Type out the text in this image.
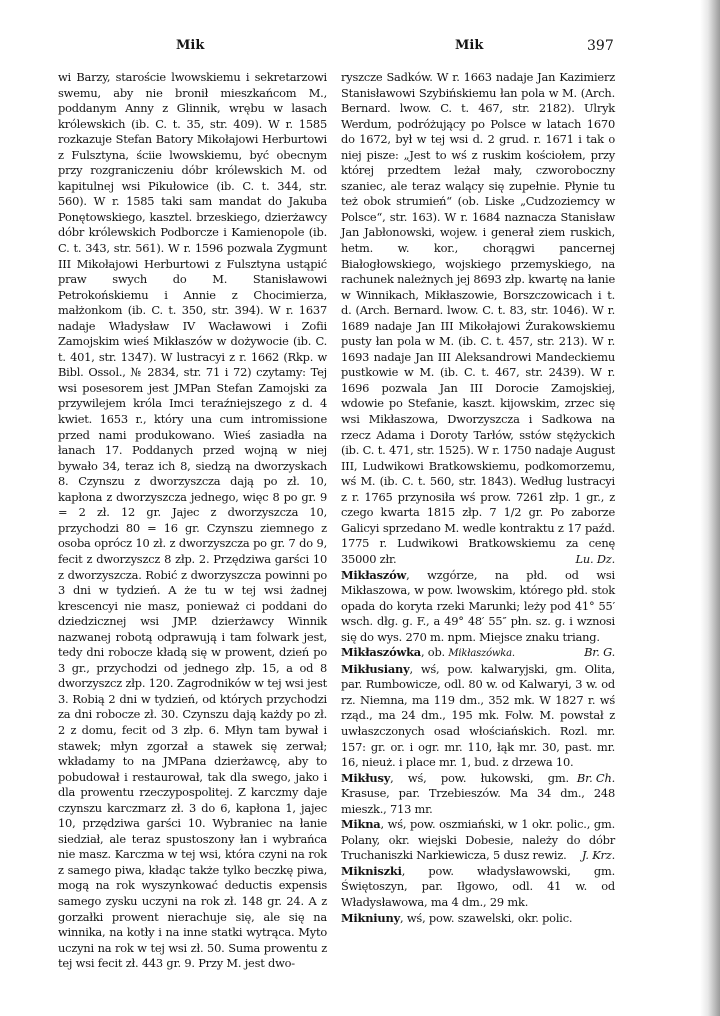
Mik	Mik	397

wi Barzy, staroście lwowskiemu i sekretarzowi swemu, aby nie bronił mieszkańcom M., poddanym Anny z Glinnik, wrębu w lasach królewskich (ib. C. t. 35, str. 409). W r. 1585 rozkazuje Stefan Batory Mikołajowi Herburtowi z Fulsztyna, ściie lwowskiemu, być obecnym przy rozgraniczeniu dóbr królewskich M. od kapitulnej wsi Pikułowice (ib. C. t. 344, str. 560). W r. 1585 taki sam mandat do Jakuba Ponętowskiego, kasztel. brzeskiego, dzierżawcy dóbr królewskich Podborcze i Kamienopole (ib. C. t. 343, str. 561). W r. 1596 pozwala Zygmunt III Mikołajowi Herburtowi z Fulsztyna ustąpić praw swych do M. Stanisławowi Petrokońskiemu i Annie z Chocimierza, małżonkom (ib. C. t. 350, str. 394). W r. 1637 nadaje Władysław IV Wacławowi i Zofii Zamojskim wieś Mikłaszów w dożywocie (ib. C. t. 401, str. 1347). W lustracyi z r. 1662 (Rkp. w Bibl. Ossol., № 2834, str. 71 i 72) czytamy: Tej wsi posesorem jest JMPan Stefan Zamojski za przywilejem króla Imci teraźniejszego z d. 4 kwiet. 1653 r., który una cum intromissione przed nami produkowano. Wieś zasiadła na łanach 17. Poddanych przed wojną w niej bywało 34, teraz ich 8, siedzą na dworzyskach 8. Czynszu z dworzyszcza dają po zł. 10, kapłona z dworzyszcza jednego, więc 8 po gr. 9 = 2 zł. 12 gr. Jajec z dworzyszcza 10, przychodzi 80 = 16 gr. Czynszu ziemnego z osoba oprócz 10 zł. z dworzyszcza po gr. 7 do 9, fecit z dworzyszcz 8 złp. 2. Przędziwa garści 10 z dworzyszcza. Robić z dworzyszcza powinni po 3 dni w tydzień. A że tu w tej wsi żadnej krescencyi nie masz, ponieważ ci poddani do dziedzicznej wsi JMP. dzierżawcy Winnik nazwanej robotą odprawują i tam folwark jest, tedy dni robocze kładą się w prowent, dzień po 3 gr., przychodzi od jednego złp. 15, a od 8 dworzyszcz złp. 120. Zagrodników w tej wsi jest 3. Robią 2 dni w tydzień, od których przychodzi za dni robocze zł. 30. Czynszu dają każdy po zł. 2 z domu, fecit od 3 złp. 6. Młyn tam bywał i stawek; młyn zgorzał a stawek się zerwał; wkładamy to na JMPana dzierżawcę, aby to pobudował i restaurował, tak dla swego, jako i dla prowentu rzeczypospolitej. Z karczmy daje czynszu karczmarz zł. 3 do 6, kapłona 1, jajec 10, przędziwa garści 10. Wybraniec na łanie siedział, ale teraz spustoszony łan i wybrańca nie masz. Karczma w tej wsi, która czyni na rok z samego piwa, kładąc także tylko beczkę piwa, mogą na rok wyszynkować deductis expensis samego zysku uczyni na rok zł. 148 gr. 24. A z gorzałki prowent nierachuje się, ale się na winnika, na kotły i na inne statki wytrąca. Myto uczyni na rok w tej wsi zł. 50. Suma prowentu z tej wsi fecit zł. 443 gr. 9. Przy M. jest dwo-

ryszcze Sadków. W r. 1663 nadaje Jan Kazimierz Stanisławowi Szybińskiemu łan pola w M. (Arch. Bernard. lwow. C. t. 467, str. 2182). Ulryk Werdum, podróżujący po Polsce w latach 1670 do 1672, był w tej wsi d. 2 grud. r. 1671 i tak o niej pisze: „Jest to wś z ruskim kościołem, przy której przedtem leżał mały, czworoboczny szaniec, ale teraz walący się zupełnie. Płynie tu też obok strumień“ (ob. Liske „Cudzoziemcy w Polsce“, str. 163). W r. 1684 naznacza Stanisław Jan Jabłonowski, wojew. i generał ziem ruskich, hetm. w. kor., chorągwi pancernej Białogłowskiego, wojskiego przemyskiego, na rachunek należnych jej 8693 złp. kwartę na łanie w Winnikach, Mikłaszowie, Borszczowicach i t. d. (Arch. Bernard. lwow. C. t. 83, str. 1046). W r. 1689 nadaje Jan III Mikołajowi Żurakowskiemu pusty łan pola w M. (ib. C. t. 457, str. 213). W r. 1693 nadaje Jan III Aleksandrowi Mandeckiemu pustkowie w M. (ib. C. t. 467, str. 2439). W r. 1696 pozwala Jan III Dorocie Zamojskiej, wdowie po Stefanie, kaszt. kijowskim, zrzec się wsi Mikłaszowa, Dworzyszcza i Sadkowa na rzecz Adama i Doroty Tarłów, sstów stężyckich (ib. C. t. 471, str. 1525). W r. 1750 nadaje August III, Ludwikowi Bratkowskiemu, podkomorzemu, wś M. (ib. C. t. 560, str. 1843). Według lustracyi z r. 1765 przynosiła wś prow. 7261 złp. 1 gr., z czego kwarta 1815 złp. 7 1/2 gr. Po zaborze Galicyi sprzedano M. wedle kontraktu z 17 paźd. 1775 r. Ludwikowi Bratkowskiemu za cenę 35000 złr.	Lu. Dz.

Mikłaszów, wzgórze, na płd. od wsi Mikłaszowa, w pow. lwowskim, którego płd. stok opada do koryta rzeki Marunki; leży pod 41° 55′ wsch. dłg. g. F., a 49° 48′ 55″ płn. sz. g. i wznosi się do wys. 270 m. npm. Miejsce znaku triang.
Br. G.

Mikłaszówka, ob. Mikłaszówka.

Mikłusiany, wś, pow. kalwaryjski, gm. Olita, par. Rumbowicze, odl. 80 w. od Kalwaryi, 3 w. od rz. Niemna, ma 119 dm., 352 mk. W 1827 r. wś rząd., ma 24 dm., 195 mk. Folw. M. powstał z uwłaszczonych osad włościańskich. Rozl. mr. 157: gr. or. i ogr. mr. 110, łąk mr. 30, past. mr. 16, nieuż. i place mr. 1, bud. z drzewa 10.
Br. Ch.

Mikłusy, wś, pow. łukowski, gm. Krasuse, par. Trzebieszów. Ma 34 dm., 248 mieszk., 713 mr.

Mikna, wś, pow. oszmiański, w 1 okr. polic., gm. Polany, okr. wiejski Dobesie, należy do dóbr Truchaniszki Narkiewicza, 5 dusz rewiz.	J. Krz.

Mikniszki, pow. władysławowski, gm. Świętoszyn, par. Iłgowo, odl. 41 w. od Władysławowa, ma 4 dm., 29 mk.

Mikniuny, wś, pow. szawelski, okr. polic.
